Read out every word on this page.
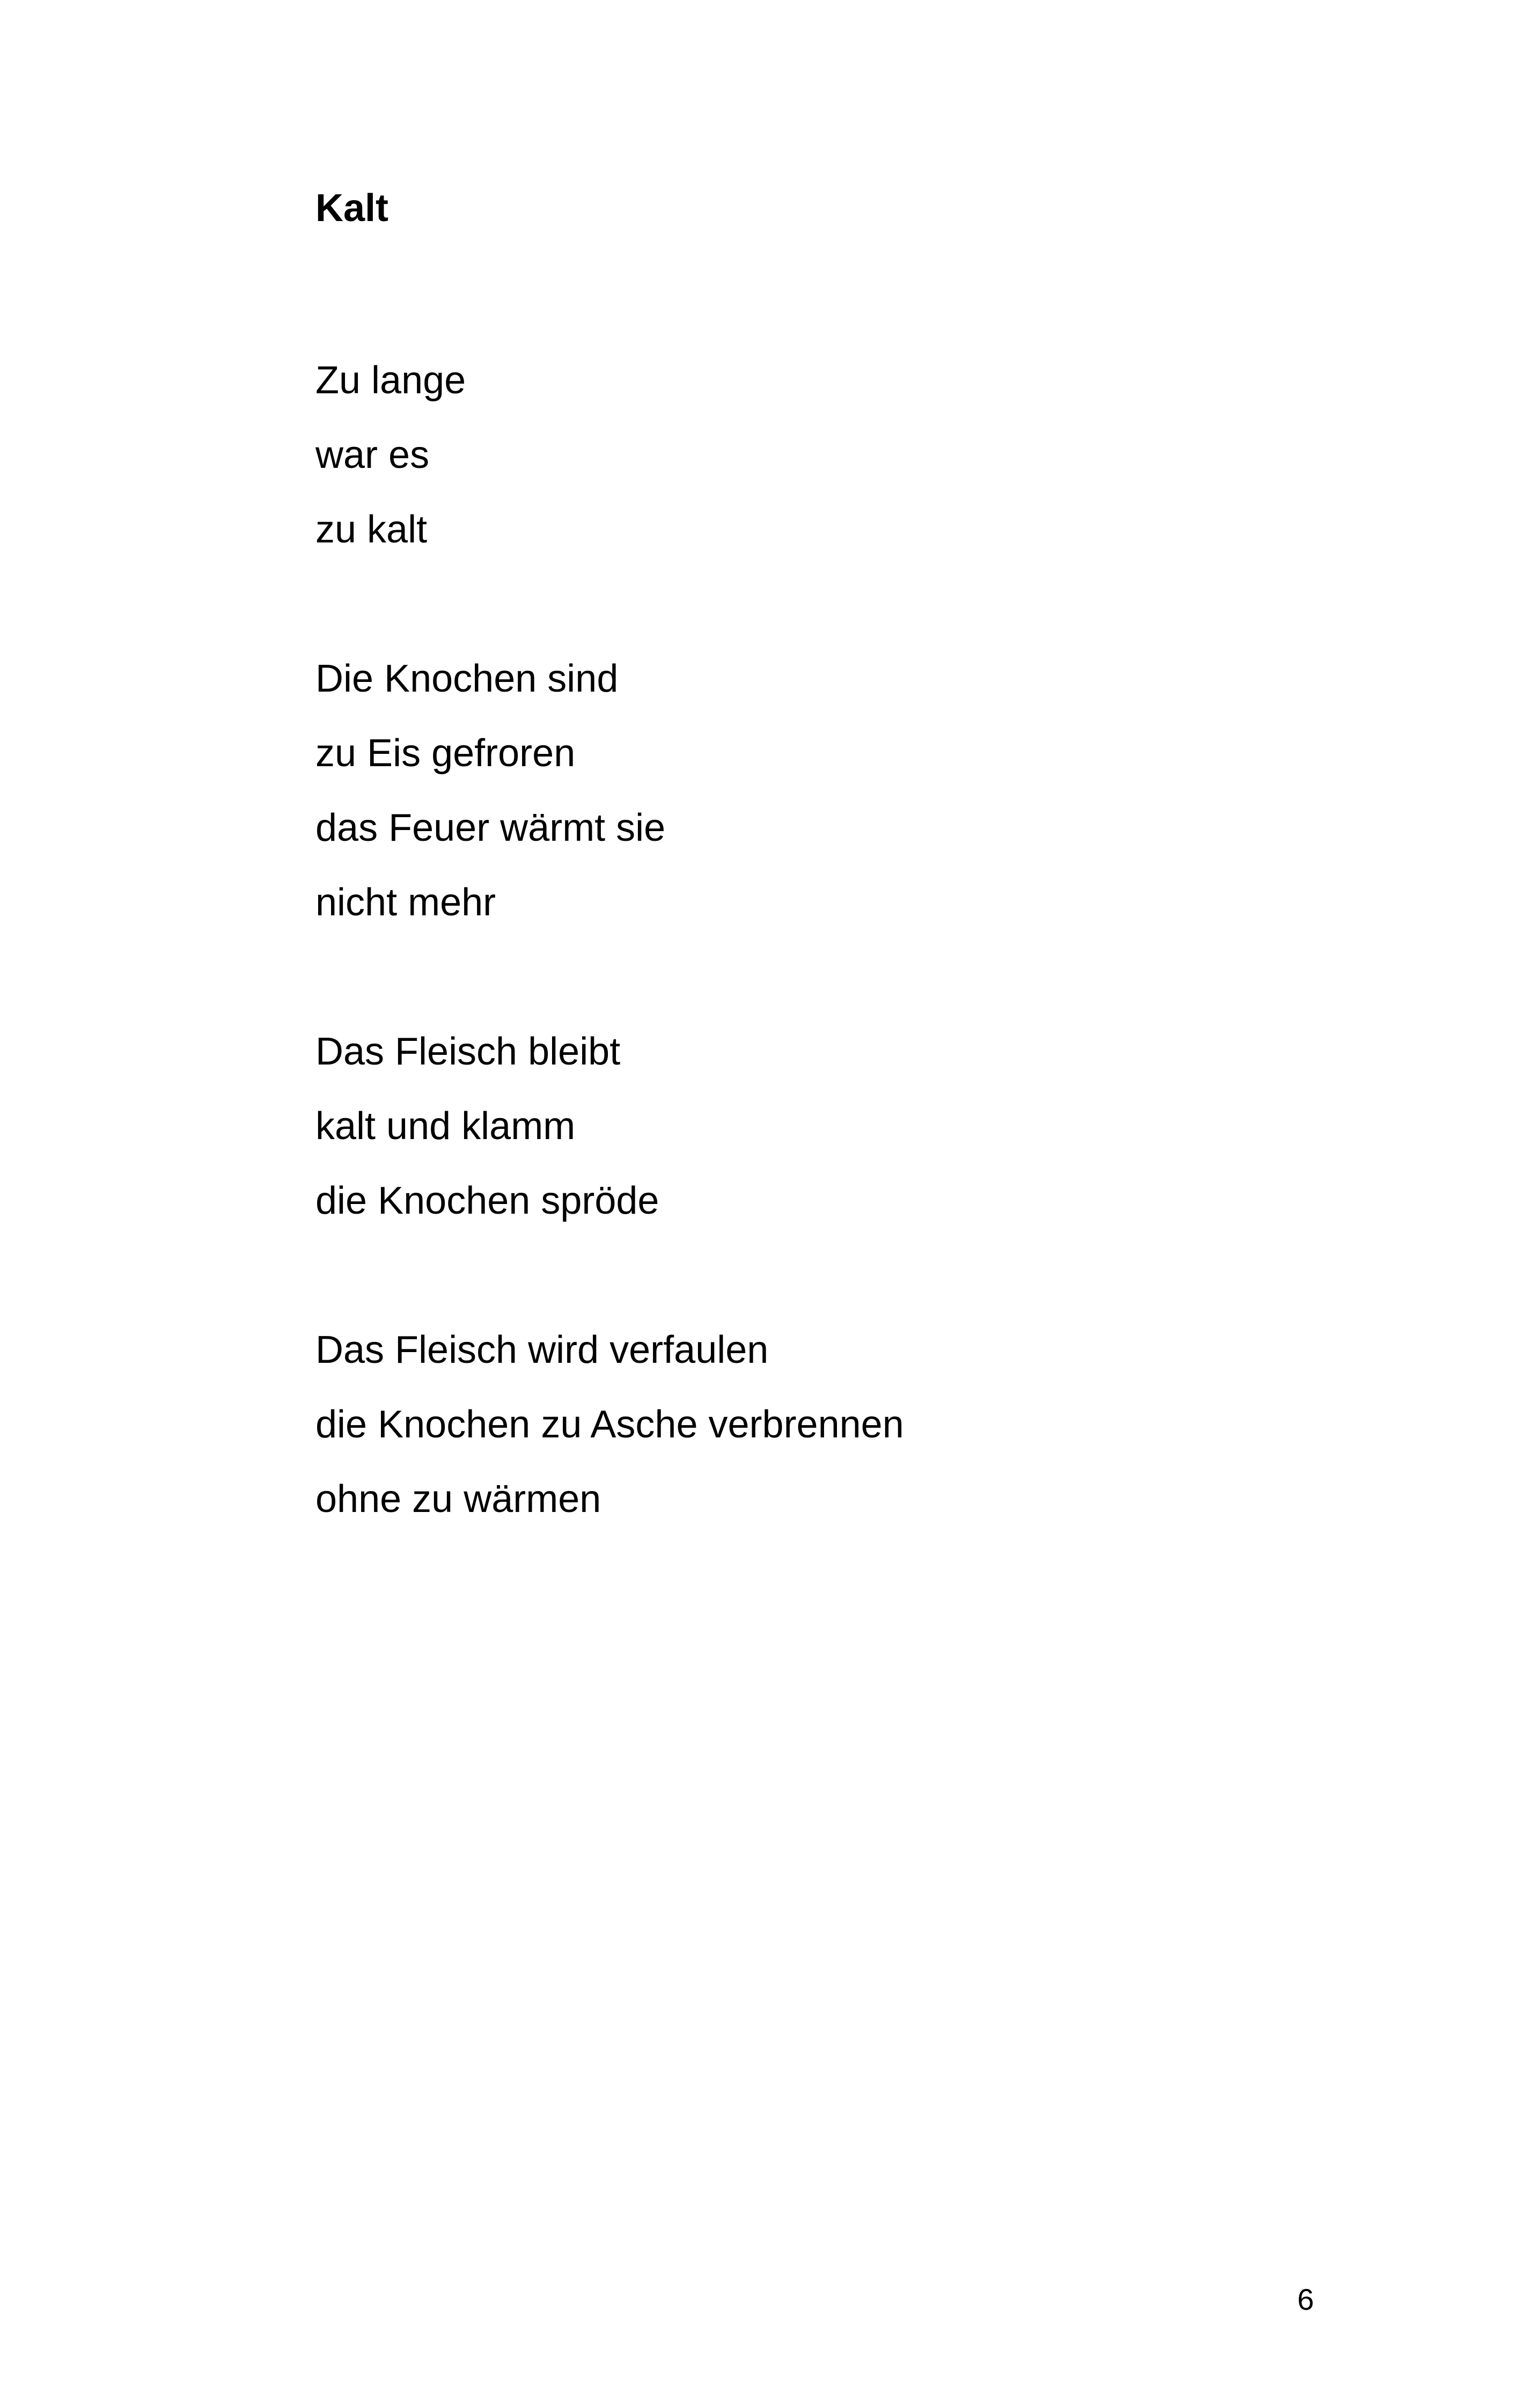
Kalt
Zu lange
war es
zu kalt
Die Knochen sind
zu Eis gefroren
das Feuer wärmt sie
nicht mehr
Das Fleisch bleibt
kalt und klamm
die Knochen spröde
Das Fleisch wird verfaulen
die Knochen zu Asche verbrennen
ohne zu wärmen
6
